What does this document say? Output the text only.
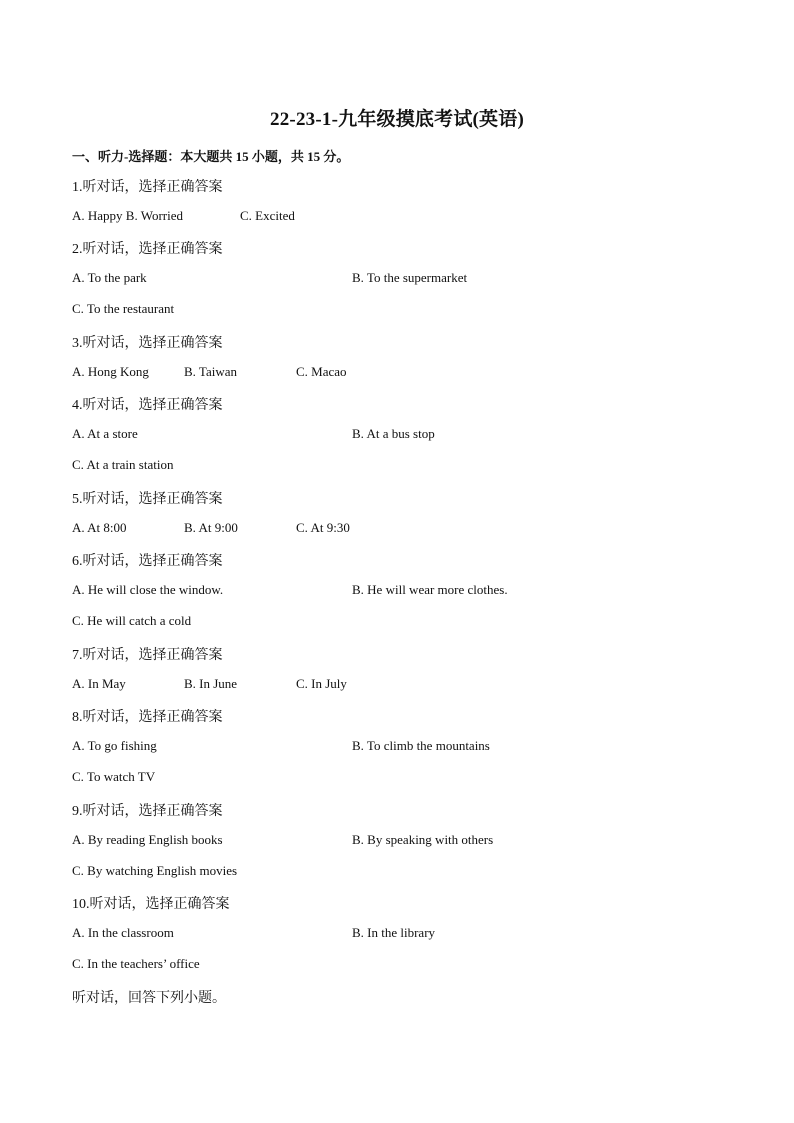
22-23-1-九年级摸底考试(英语)
一、听力-选择题：本大题共 15 小题，共 15 分。
1.听对话，选择正确答案
A. Happy B. Worried	C. Excited
2.听对话，选择正确答案
A. To the park	B. To the supermarket
C. To the restaurant
3.听对话，选择正确答案
A. Hong Kong	B. Taiwan	C. Macao
4.听对话，选择正确答案
A. At a store	B. At a bus stop
C. At a train station
5.听对话，选择正确答案
A. At 8:00	B. At 9:00	C. At 9:30
6.听对话，选择正确答案
A. He will close the window.	B. He will wear more clothes.
C. He will catch a cold
7.听对话，选择正确答案
A. In May	B. In June	C. In July
8.听对话，选择正确答案
A. To go fishing	B. To climb the mountains
C. To watch TV
9.听对话，选择正确答案
A. By reading English books	B. By speaking with others
C. By watching English movies
10.听对话，选择正确答案
A. In the classroom	B. In the library
C. In the teachers’ office
听对话，回答下列小题。
